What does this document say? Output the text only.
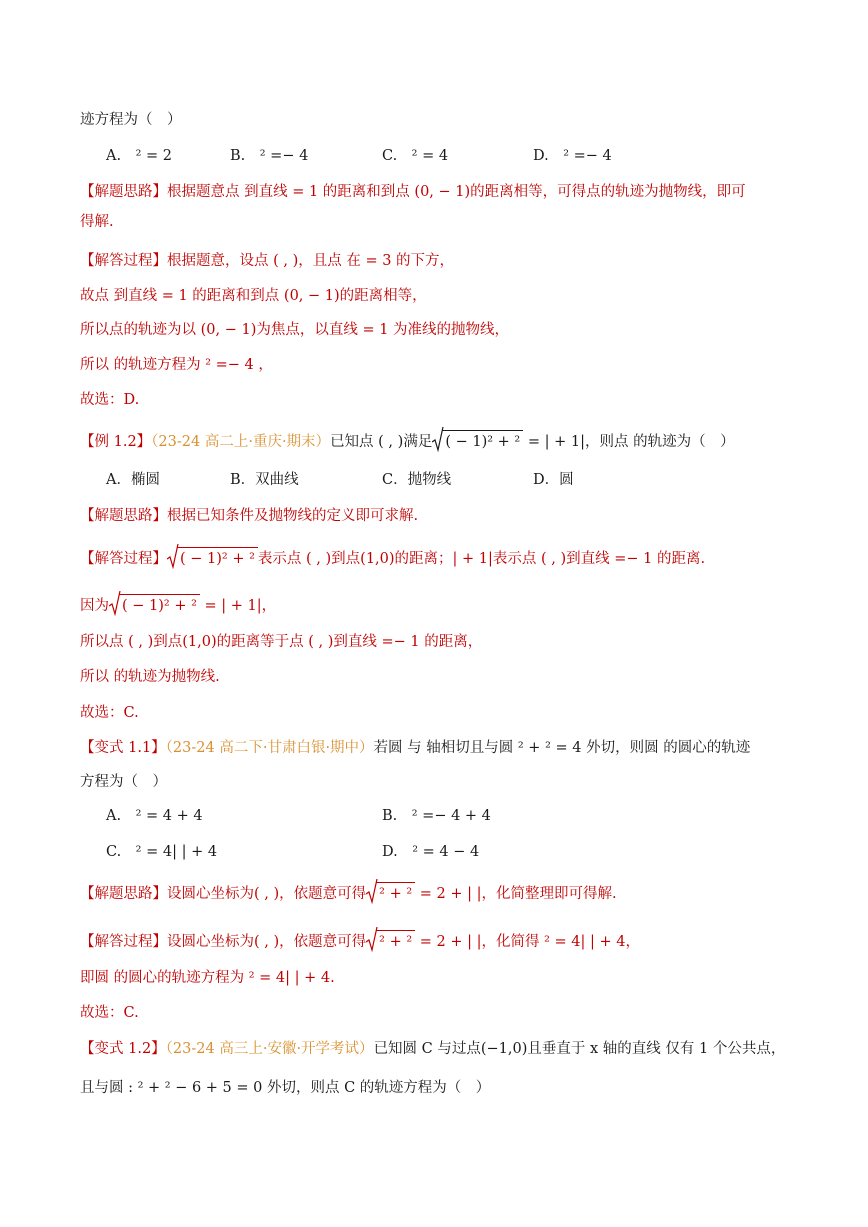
迹方程为（　）
A.　² = 2	B.　² =− 4	C.　² = 4	D.　² =− 4
【解题思路】根据题意点 到直线 = 1 的距离和到点 (0, − 1)的距离相等，可得点的轨迹为抛物线，即可
得解.
【解答过程】根据题意，设点 ( , )，且点 在 = 3 的下方，
故点 到直线 = 1 的距离和到点 (0, − 1)的距离相等，
所以点的轨迹为以 (0, − 1)为焦点，以直线 = 1 为准线的抛物线，
所以 的轨迹方程为 ² =− 4 ，
故选：D.
【例 1.2】（23-24 高二上·重庆·期末）已知点 ( , )满足 ( − 1)² + ² = | + 1|，则点 的轨迹为（　）
A．椭圆	B．双曲线	C．抛物线	D．圆
【解题思路】根据已知条件及抛物线的定义即可求解.
【解答过程】 ( − 1)² + ² 表示点 ( , )到点(1,0)的距离；| + 1|表示点 ( , )到直线 =− 1 的距离.
因为 ( − 1)² + ² = | + 1|，
所以点 ( , )到点(1,0)的距离等于点 ( , )到直线 =− 1 的距离，
所以 的轨迹为抛物线.
故选：C.
【变式 1.1】（23-24 高二下·甘肃白银·期中）若圆 与 轴相切且与圆 ² + ² = 4 外切，则圆 的圆心的轨迹
方程为（　）
A.　² = 4 + 4	B.　² =− 4 + 4
C.　² = 4| | + 4	D.　² = 4 − 4
【解题思路】设圆心坐标为( , )，依题意可得
² + ² = 2 + | |，化简整理即可得解.
【解答过程】设圆心坐标为( , )，依题意可得
² + ² = 2 + | |，化简得 ² = 4| | + 4，
即圆 的圆心的轨迹方程为 ² = 4| | + 4.
故选：C.
【变式 1.2】（23-24 高三上·安徽·开学考试）已知圆 C 与过点(−1,0)且垂直于 x 轴的直线 仅有 1 个公共点，
且与圆 : ² + ² − 6 + 5 = 0 外切，则点 C 的轨迹方程为（　）
